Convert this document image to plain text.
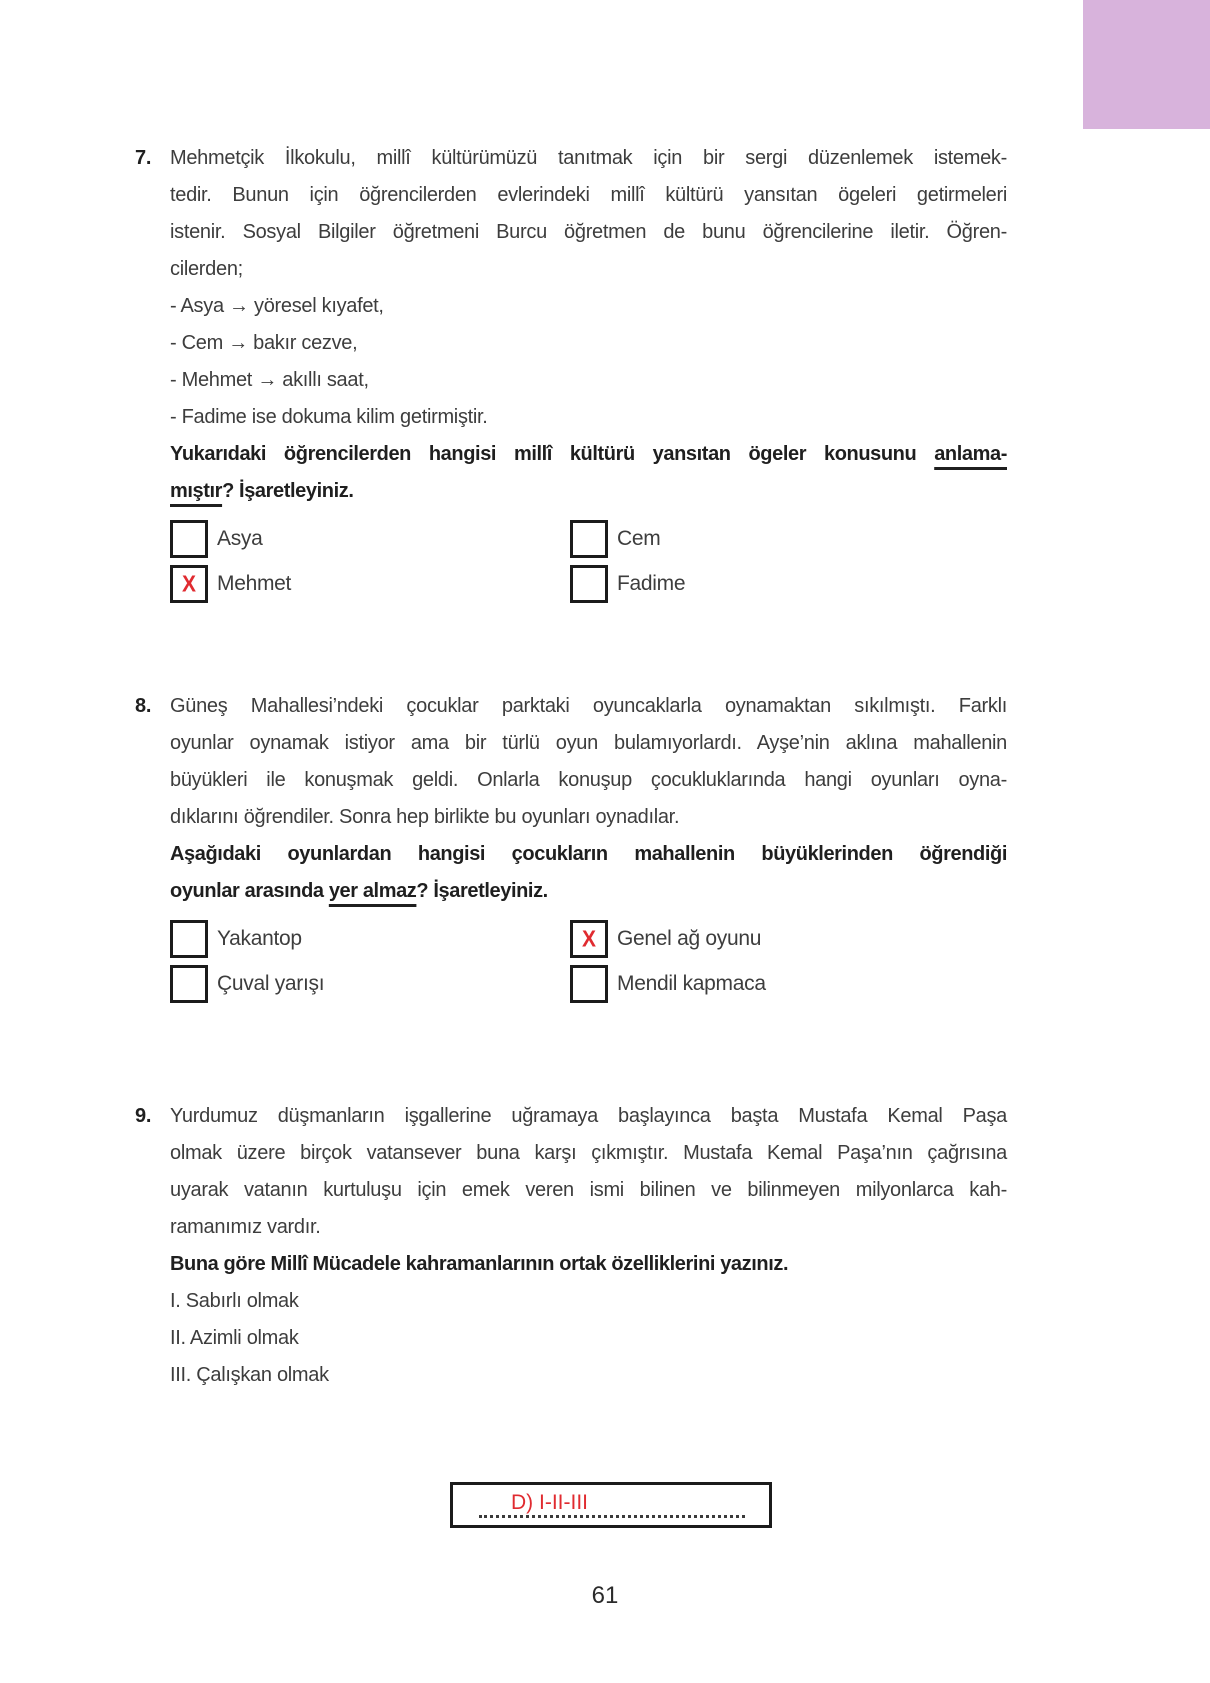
7. Mehmetçik İlkokulu, millî kültürümüzü tanıtmak için bir sergi düzenlemek istemek-
tedir. Bunun için öğrencilerden evlerindeki millî kültürü yansıtan ögeleri getirmeleri
istenir. Sosyal Bilgiler öğretmeni Burcu öğretmen de bunu öğrencilerine iletir. Öğren-
cilerden;
- Asya → yöresel kıyafet,
- Cem → bakır cezve,
- Mehmet → akıllı saat,
- Fadime ise dokuma kilim getirmiştir.
Yukarıdaki öğrencilerden hangisi millî kültürü yansıtan ögeler konusunu anlama-
mıştır? İşaretleyiniz.
Asya	Cem
X Mehmet	Fadime
8. Güneş Mahallesi’ndeki çocuklar parktaki oyuncaklarla oynamaktan sıkılmıştı. Farklı
oyunlar oynamak istiyor ama bir türlü oyun bulamıyorlardı. Ayşe’nin aklına mahallenin
büyükleri ile konuşmak geldi. Onlarla konuşup çocukluklarında hangi oyunları oyna-
dıklarını öğrendiler. Sonra hep birlikte bu oyunları oynadılar.
Aşağıdaki oyunlardan hangisi çocukların mahallenin büyüklerinden öğrendiği
oyunlar arasında yer almaz? İşaretleyiniz.
Yakantop	X Genel ağ oyunu
Çuval yarışı	Mendil kapmaca
9. Yurdumuz düşmanların işgallerine uğramaya başlayınca başta Mustafa Kemal Paşa
olmak üzere birçok vatansever buna karşı çıkmıştır. Mustafa Kemal Paşa’nın çağrısına
uyarak vatanın kurtuluşu için emek veren ismi bilinen ve bilinmeyen milyonlarca kah-
ramanımız vardır.
Buna göre Millî Mücadele kahramanlarının ortak özelliklerini yazınız.
I. Sabırlı olmak
II. Azimli olmak
III. Çalışkan olmak
D) I-II-III
61
